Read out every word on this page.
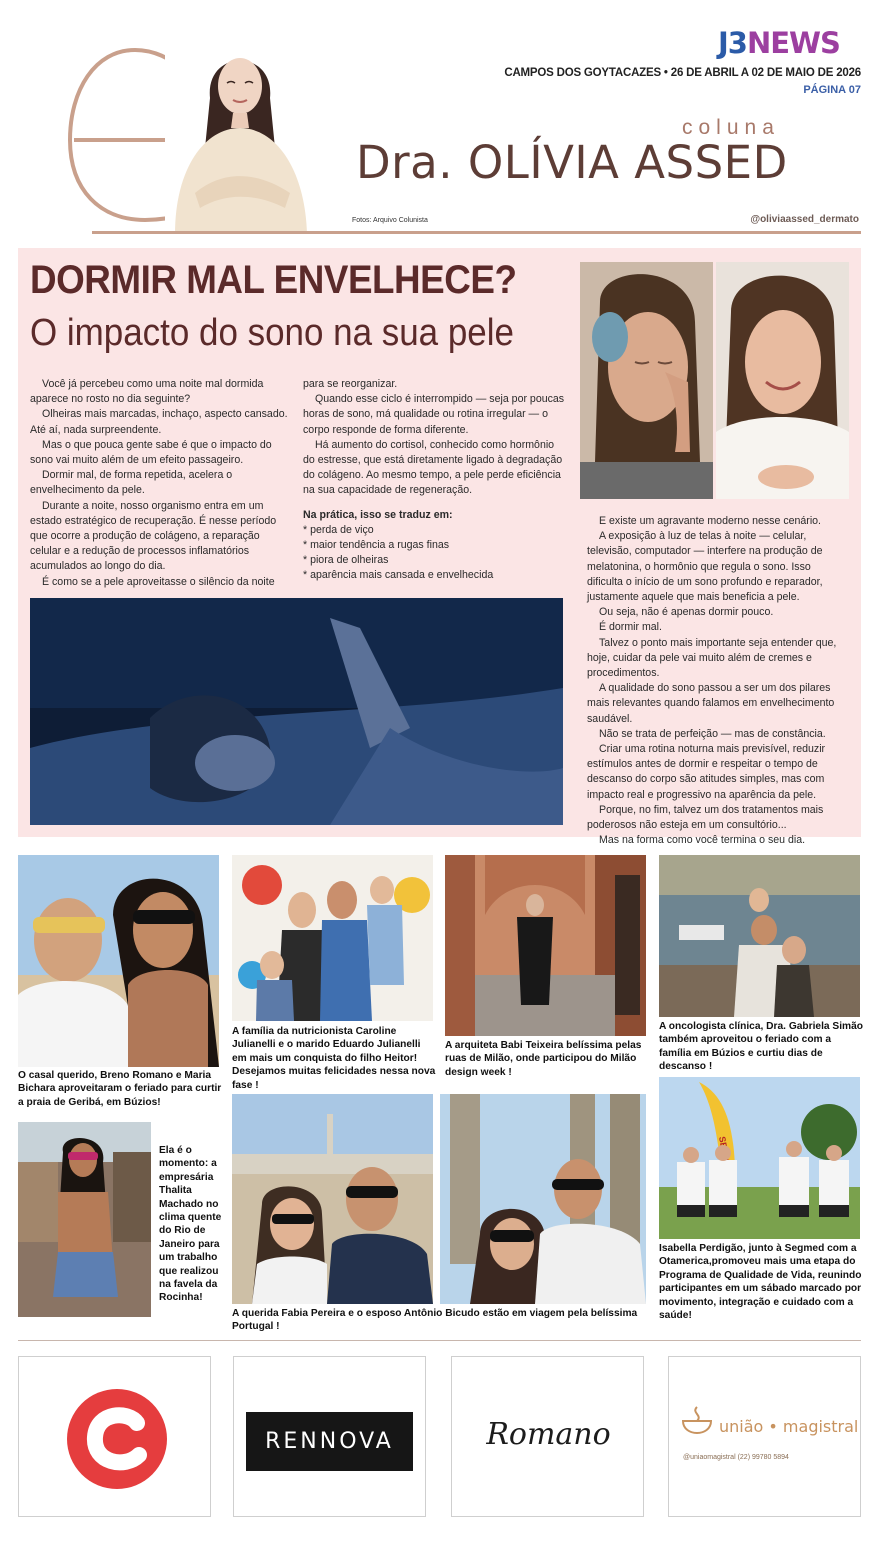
J3NEWS
CAMPOS DOS GOYTACAZES • 26 DE ABRIL A 02 DE MAIO DE 2026
PÁGINA 07
coluna
Dra. OLÍVIA ASSED
Fotos: Arquivo Colunista	@oliviaassed_dermato
DORMIR MAL ENVELHECE?
O impacto do sono na sua pele

Você já percebeu como uma noite mal dormida aparece no rosto no dia seguinte?

Olheiras mais marcadas, inchaço, aspecto cansado. Até aí, nada surpreendente.

Mas o que pouca gente sabe é que o impacto do sono vai muito além de um efeito passageiro.

Dormir mal, de forma repetida, acelera o envelhecimento da pele.

Durante a noite, nosso organismo entra em um estado estratégico de recuperação. É nesse período que ocorre a produção de colágeno, a reparação celular e a redução de processos inflamatórios acumulados ao longo do dia.

É como se a pele aproveitasse o silêncio da noite

para se reorganizar.

Quando esse ciclo é interrompido — seja por poucas horas de sono, má qualidade ou rotina irregular — o corpo responde de forma diferente.

Há aumento do cortisol, conhecido como hormônio do estresse, que está diretamente ligado à degradação do colágeno. Ao mesmo tempo, a pele perde eficiência na sua capacidade de regeneração.

Na prática, isso se traduz em:

* perda de viço

* maior tendência a rugas finas

* piora de olheiras

* aparência mais cansada e envelhecida

E existe um agravante moderno nesse cenário.

A exposição à luz de telas à noite — celular, televisão, computador — interfere na produção de melatonina, o hormônio que regula o sono. Isso dificulta o início de um sono profundo e reparador, justamente aquele que mais beneficia a pele.

Ou seja, não é apenas dormir pouco.

É dormir mal.

Talvez o ponto mais importante seja entender que, hoje, cuidar da pele vai muito além de cremes e procedimentos.

A qualidade do sono passou a ser um dos pilares mais relevantes quando falamos em envelhecimento saudável.

Não se trata de perfeição — mas de constância.

Criar uma rotina noturna mais previsível, reduzir estímulos antes de dormir e respeitar o tempo de descanso do corpo são atitudes simples, mas com impacto real e progressivo na aparência da pele.

Porque, no fim, talvez um dos tratamentos mais poderosos não esteja em um consultório...

Mas na forma como você termina o seu dia.

O casal querido, Breno Romano e Maria Bichara aproveitaram o feriado para curtir a praia de Geribá, em Búzios!
A família da nutricionista Caroline Julianelli e o marido Eduardo Julianelli em mais um conquista do filho Heitor! Desejamos muitas felicidades nessa nova fase !
A arquiteta Babi Teixeira belíssima pelas ruas de Milão, onde participou do Milão design week !
A oncologista clínica, Dra. Gabriela Simão também aproveitou o feriado com a família em Búzios e curtiu dias de descanso !
Ela é o momento: a empresária Thalita Machado no clima quente do Rio de Janeiro para um trabalho que realizou na favela da Rocinha!
A querida Fabia Pereira e o esposo Antônio Bicudo estão em viagem pela belíssima Portugal !
Isabella Perdigão, junto à Segmed com a Otamerica,promoveu mais uma etapa do Programa de Qualidade de Vida, reunindo participantes em um sábado marcado por movimento, integração e cuidado com a saúde!
RENNOVA	Romano	união • magistral
@uniaomagistral (22) 99780 5894
